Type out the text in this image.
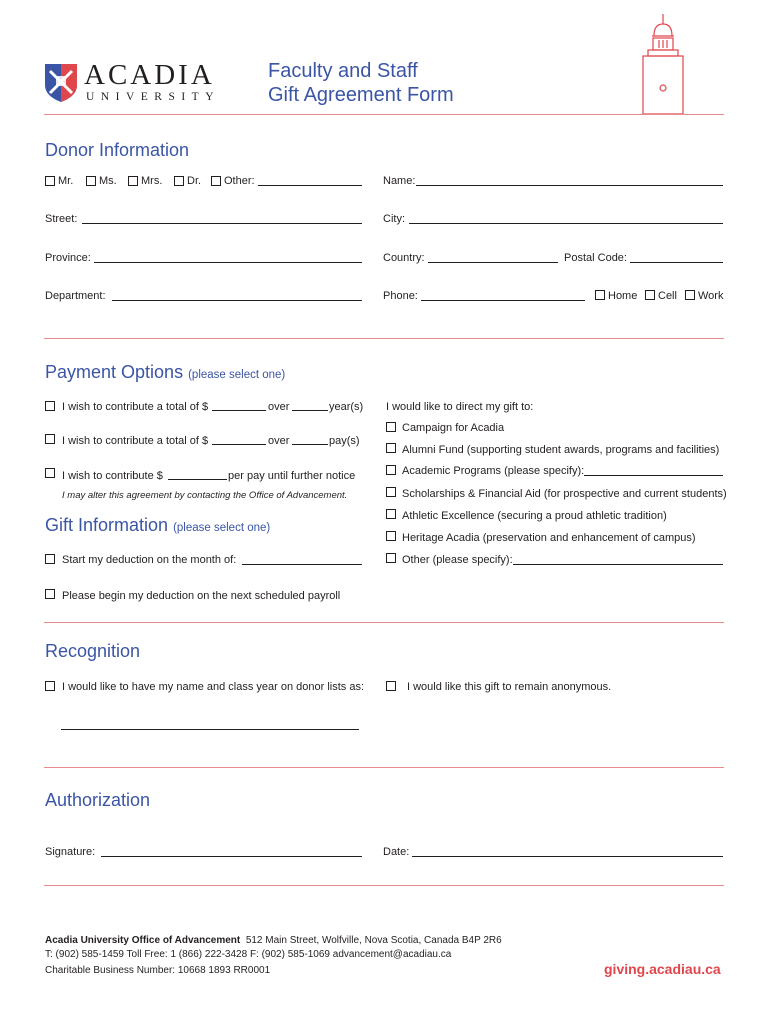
ACADIA
UNIVERSITY
Faculty and Staff
Gift Agreement Form
Donor Information
Mr. Ms. Mrs. Dr. Other:	Name:
Street:	City:
Province:	Country:	Postal Code:
Department:	Phone:	Home Cell Work
Payment Options (please select one)
I wish to contribute a total of $	over	year(s)
I wish to contribute a total of $	over	pay(s)
I wish to contribute $	per pay until further notice
I may alter this agreement by contacting the Office of Advancement.
I would like to direct my gift to:
Campaign for Acadia
Alumni Fund (supporting student awards, programs and facilities)
Academic Programs (please specify):
Scholarships & Financial Aid (for prospective and current students)
Athletic Excellence (securing a proud athletic tradition)
Heritage Acadia (preservation and enhancement of campus)
Other (please specify):
Gift Information (please select one)
Start my deduction on the month of:
Please begin my deduction on the next scheduled payroll
Recognition
I would like to have my name and class year on donor lists as:	I would like this gift to remain anonymous.
Authorization
Signature:	Date:
Acadia University Office of Advancement 512 Main Street, Wolfville, Nova Scotia, Canada B4P 2R6
T: (902) 585-1459 Toll Free: 1 (866) 222-3428 F: (902) 585-1069 advancement@acadiau.ca
Charitable Business Number: 10668 1893 RR0001	giving.acadiau.ca
